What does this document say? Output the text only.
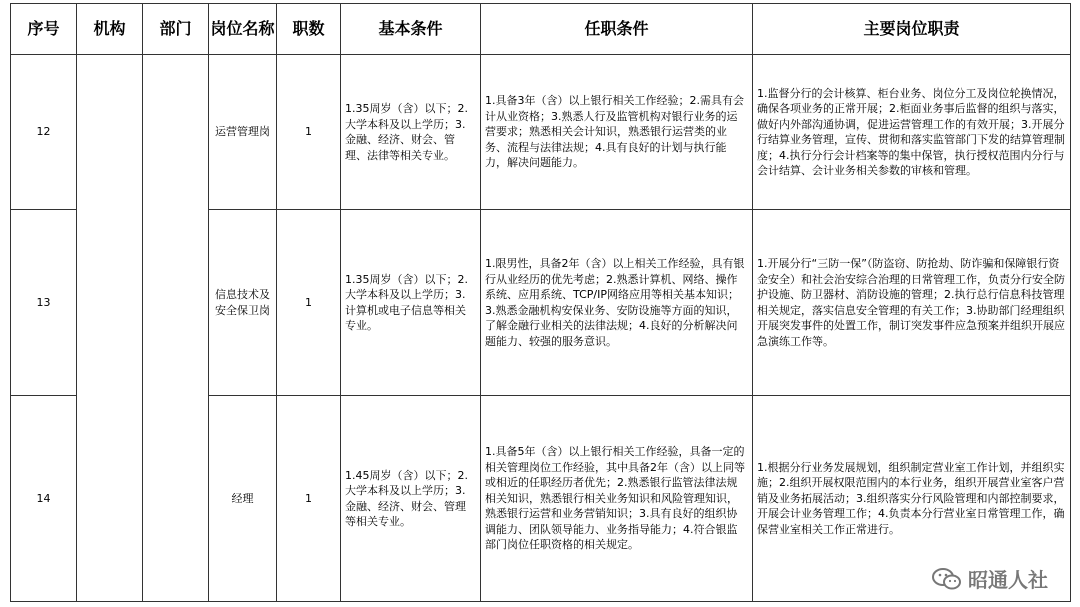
序号	机构	部门	岗位名称	职数	基本条件	任职条件	主要岗位职责
12			运营管理岗	1	1.35周岁（含）以下；2.大学本科及以上学历；3.金融、经济、财会、管理、法律等相关专业。	1.具备3年（含）以上银行相关工作经验；2.需具有会计从业资格；3.熟悉人行及监管机构对银行业务的运营要求；熟悉相关会计知识，熟悉银行运营类的业务、流程与法律法规；4.具有良好的计划与执行能力，解决问题能力。	1.监督分行的会计核算、柜台业务、岗位分工及岗位轮换情况，确保各项业务的正常开展；2.柜面业务事后监督的组织与落实，做好内外部沟通协调，促进运营管理工作的有效开展；3.开展分行结算业务管理，宣传、贯彻和落实监管部门下发的结算管理制度；4.执行分行会计档案等的集中保管，执行授权范围内分行与会计结算、会计业务相关参数的审核和管理。

13			信息技术及安全保卫岗	1	1.35周岁（含）以下；2.大学本科及以上学历；3.计算机或电子信息等相关专业。	1.限男性，具备2年（含）以上相关工作经验，具有银行从业经历的优先考虑；2.熟悉计算机、网络、操作系统、应用系统、TCP/IP网络应用等相关基本知识；3.熟悉金融机构安保业务、安防设施等方面的知识，了解金融行业相关的法律法规；4.良好的分析解决问题能力、较强的服务意识。	1.开展分行“三防一保”（防盗窃、防抢劫、防诈骗和保障银行资金安全）和社会治安综合治理的日常管理工作，负责分行安全防护设施、防卫器材、消防设施的管理；2.执行总行信息科技管理相关规定，落实信息安全管理的有关工作；3.协助部门经理组织开展突发事件的处置工作，制订突发事件应急预案并组织开展应急演练工作等。

14			经理	1	1.45周岁（含）以下；2.大学本科及以上学历；3.金融、经济、财会、管理等相关专业。	1.具备5年（含）以上银行相关工作经验，具备一定的相关管理岗位工作经验，其中具备2年（含）以上同等或相近的任职经历者优先；2.熟悉银行监管法律法规相关知识，熟悉银行相关业务知识和风险管理知识，熟悉银行运营和业务营销知识；3.具有良好的组织协调能力、团队领导能力、业务指导能力；4.符合银监部门岗位任职资格的相关规定。	1.根据分行业务发展规划，组织制定营业室工作计划，并组织实施；2.组织开展权限范围内的本行业务，组织开展营业室客户营销及业务拓展活动；3.组织落实分行风险管理和内部控制要求，开展会计业务管理工作；4.负责本分行营业室日常管理工作，确保营业室相关工作正常进行。
昭通人社
